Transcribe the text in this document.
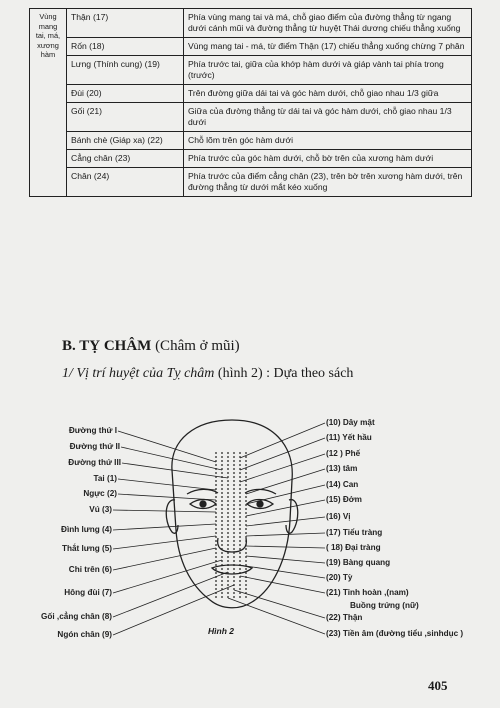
Vùng mang tai, má, xương hàm	Thận (17)	Phía vùng mang tai và má, chỗ giao điểm của đường thẳng từ ngang dưới cánh mũi và đường thẳng từ huyệt Thái dương chiếu thẳng xuống
	Rốn (18)	Vùng mang tai - má, từ điểm Thận (17) chiếu thẳng xuống chừng 7 phân
	Lưng (Thính cung) (19)	Phía trước tai, giữa của khớp hàm dưới và giáp vành tai phía trong (trước)
	Đùi (20)	Trên đường giữa dái tai và góc hàm dưới, chỗ giao nhau 1/3 giữa
	Gối (21)	Giữa của đường thẳng từ dái tai và góc hàm dưới, chỗ giao nhau 1/3 dưới
	Bánh chè (Giáp xa) (22)	Chỗ lõm trên góc hàm dưới
	Cẳng chân (23)	Phía trước của góc hàm dưới, chỗ bờ trên của xương hàm dưới
	Chân (24)	Phía trước của điểm cẳng chân (23), trên bờ trên xương hàm dưới, trên đường thẳng từ dưới mắt kéo xuống
B. TỴ CHÂM (Châm ở mũi)
1/ Vị trí huyệt của Tỵ châm (hình 2) : Dựa theo sách
Đường thứ I
Đường thứ II
Đường thứ III
Tai (1)
Ngực (2)
Vú (3)
Đình lưng (4)
Thắt lưng (5)
Chi trên (6)
Hông đùi (7)
Gối ,cẳng chân (8)
Ngón chân (9)
(10) Dây mật
(11) Yết hầu
(12 ) Phế
(13) tâm
(14) Can
(15) Đởm
(16) Vị
(17) Tiểu tràng
( 18) Đại tràng
(19) Bàng quang
(20) Tỳ
(21) Tinh hoàn ,(nam)
Buồng trứng (nữ)
(22) Thận
(23) Tiền âm (đường tiểu ,sinhdục )
Hình 2
405
